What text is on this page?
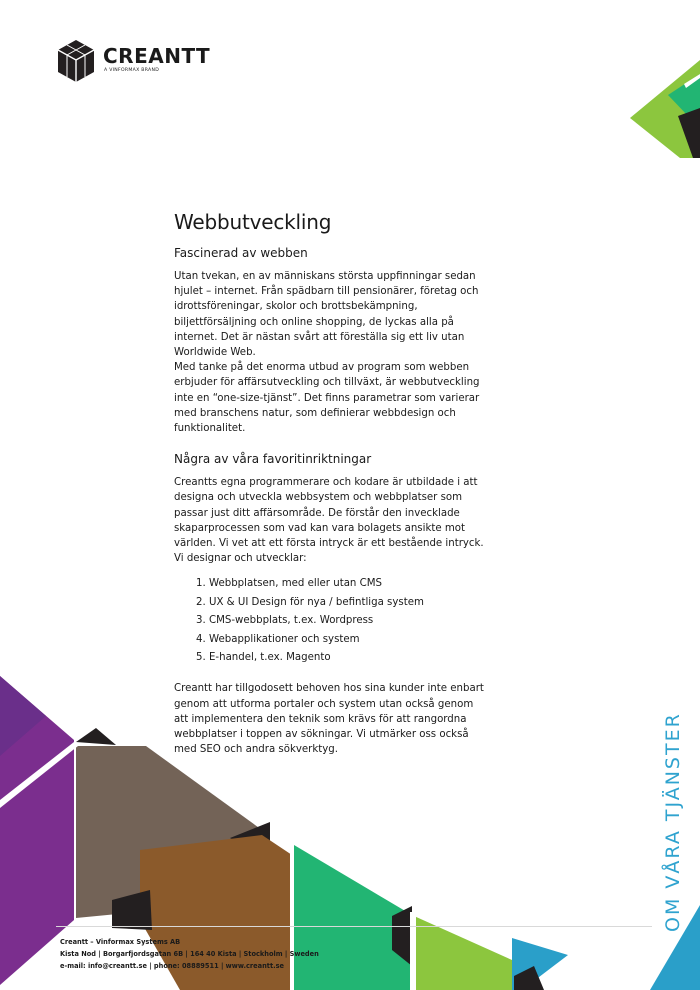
CREANTT
A VINFORMAX BRAND
Webbutveckling
Fascinerad av webben

Utan tvekan, en av människans största uppfinningar sedan hjulet – internet. Från spädbarn till pensionärer, företag och idrottsföreningar, skolor och brottsbekämpning, biljettförsäljning och online shopping, de lyckas alla på internet. Det är nästan svårt att föreställa sig ett liv utan Worldwide Web.

Med tanke på det enorma utbud av program som webben erbjuder för affärsutveckling och tillväxt, är webbutveckling inte en “one-size-tjänst”. Det finns parametrar som varierar med branschens natur, som definierar webbdesign och funktionalitet.

Några av våra favoritinriktningar

Creantts egna programmerare och kodare är utbildade i att designa och utveckla webbsystem och webbplatser som passar just ditt affärsområde. De förstår den invecklade skaparprocessen som vad kan vara bolagets ansikte mot världen. Vi vet att ett första intryck är ett bestående intryck. Vi designar och utvecklar:

1. Webbplatsen, med eller utan CMS
2. UX & UI Design för nya / befintliga system
3. CMS-webbplats, t.ex. Wordpress
4. Webapplikationer och system
5. E-handel, t.ex. Magento

Creantt har tillgodosett behoven hos sina kunder inte enbart genom att utforma portaler och system utan också genom att implementera den teknik som krävs för att rangordna webbplatser i toppen av sökningar. Vi utmärker oss också med SEO och andra sökverktyg.	OM VÅRA TJÄNSTER
Creantt – Vinformax Systems AB
Kista Nod | Borgarfjordsgatan 6B | 164 40 Kista | Stockholm | Sweden
e-mail: info@creantt.se | phone: 08889511 | www.creantt.se
